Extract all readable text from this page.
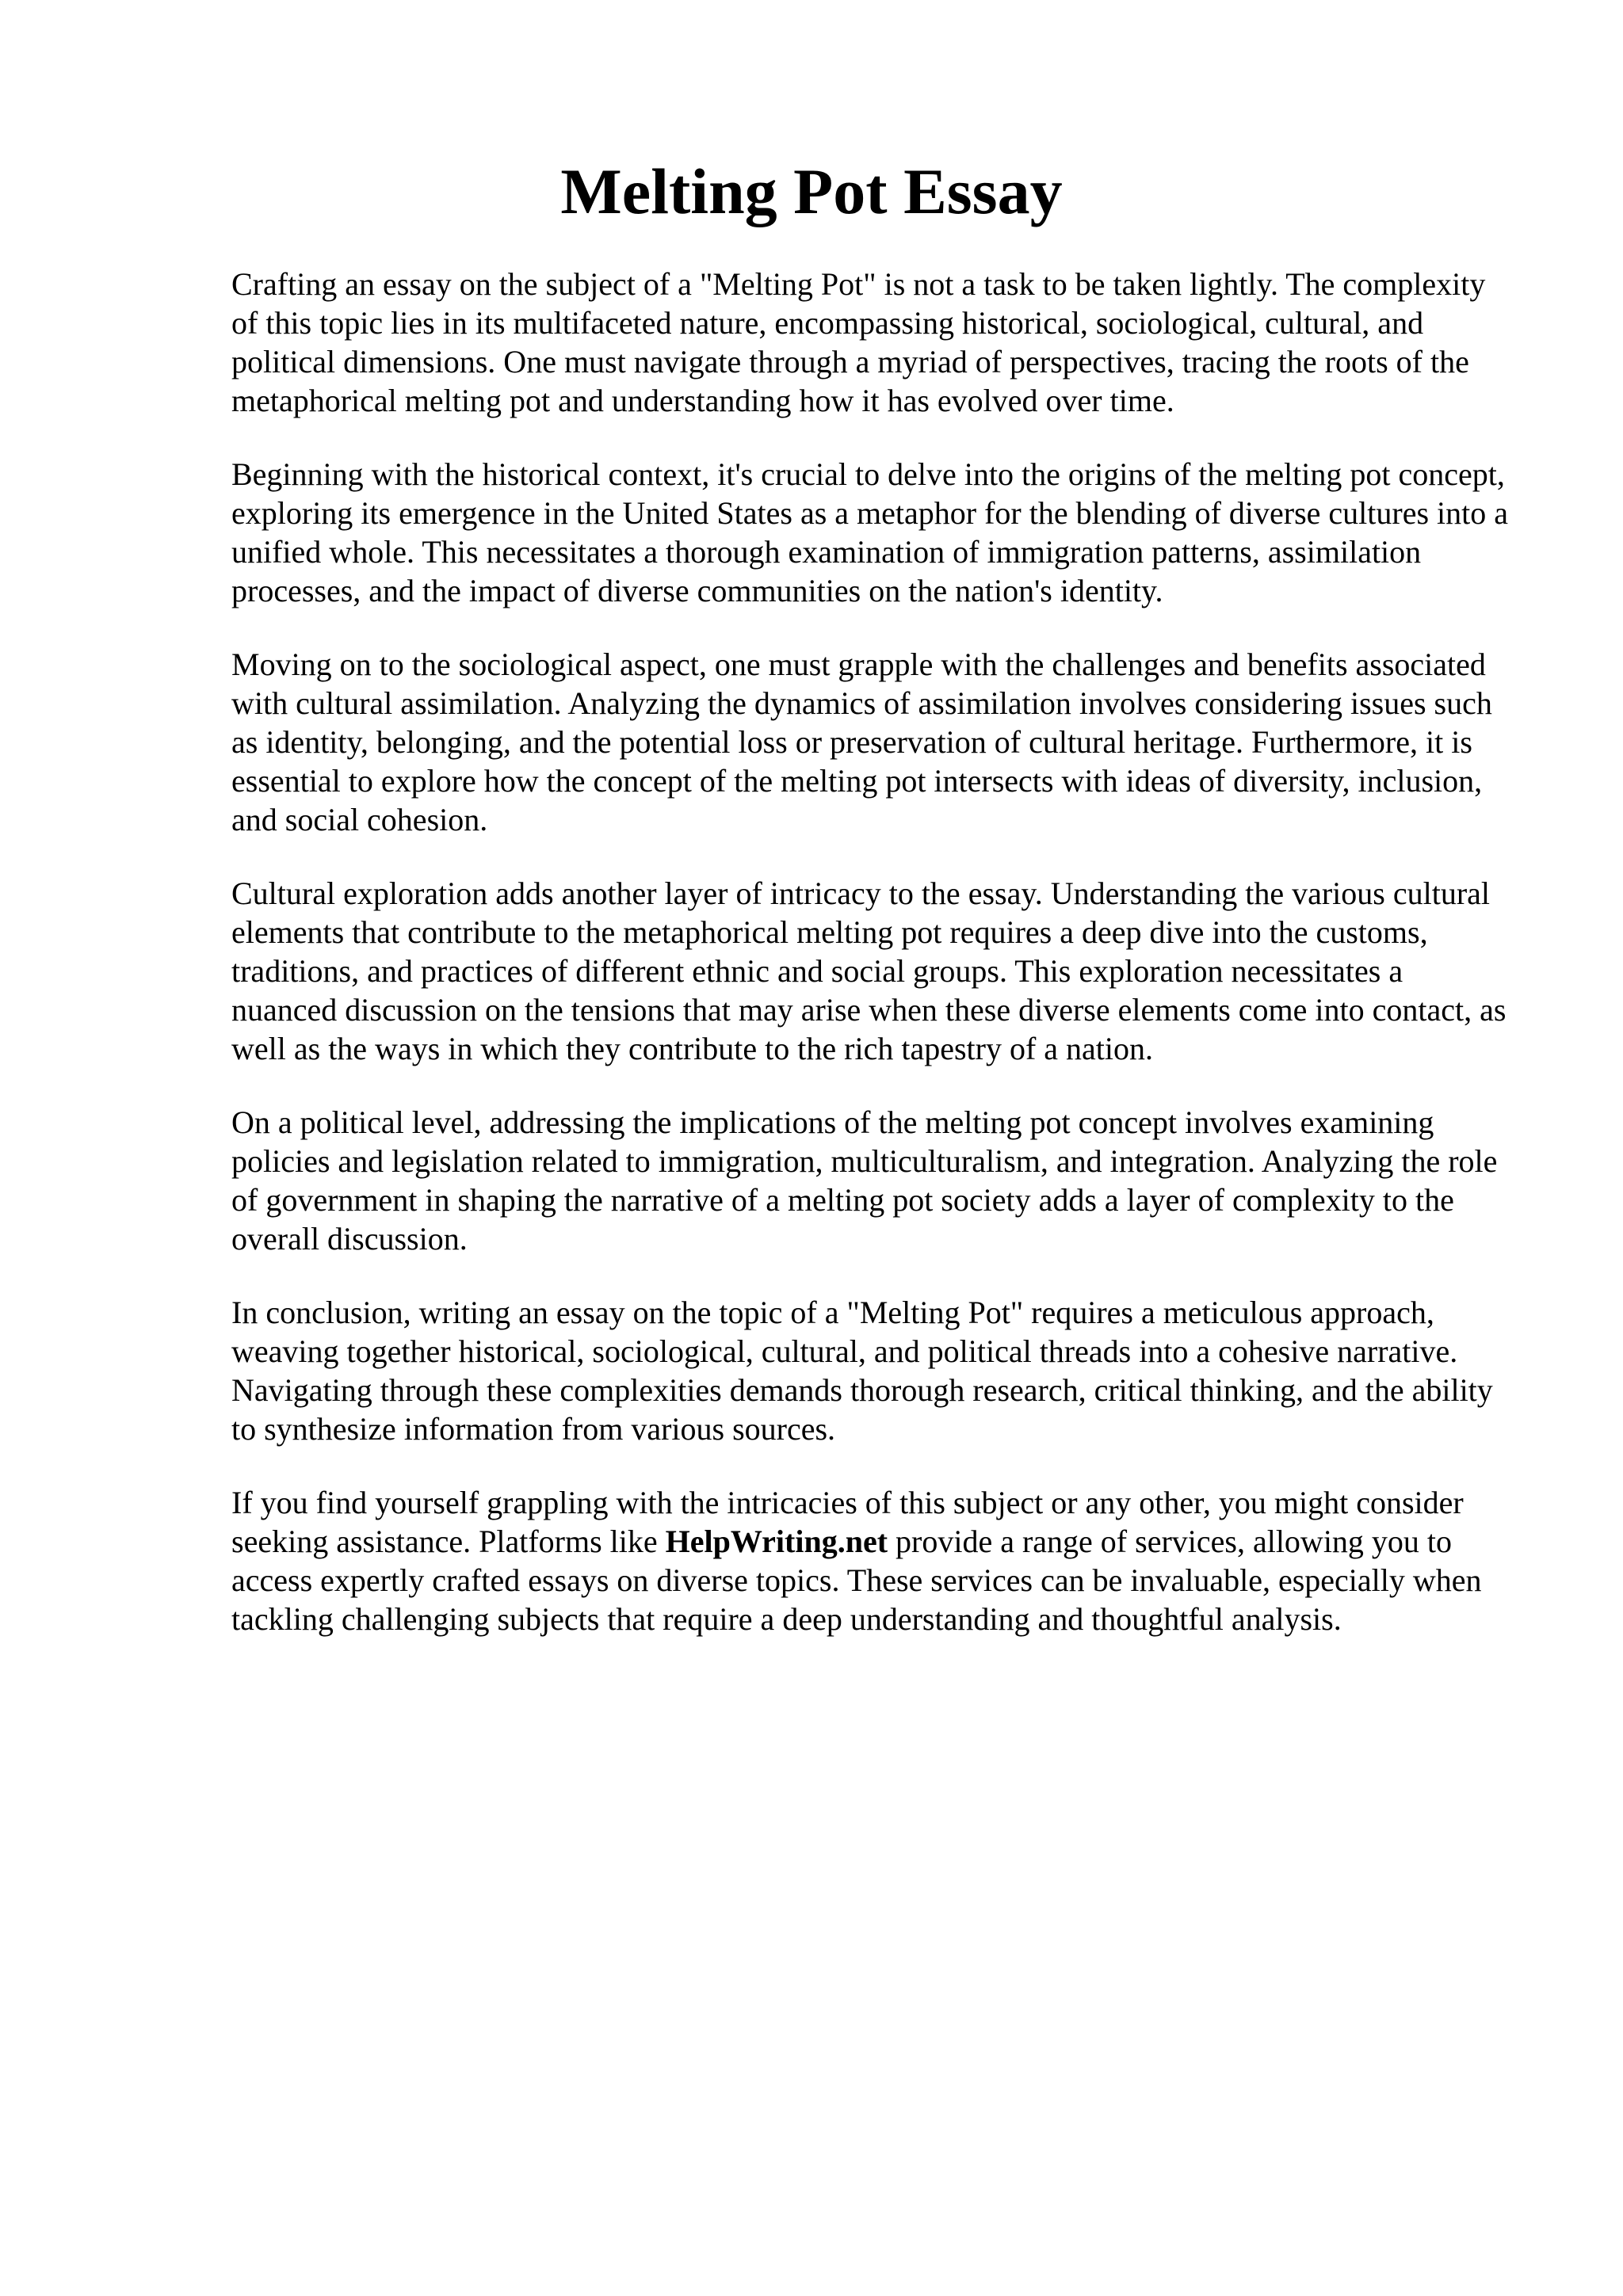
Melting Pot Essay

Crafting an essay on the subject of a "Melting Pot" is not a task to be taken lightly. The complexity of this topic lies in its multifaceted nature, encompassing historical, sociological, cultural, and political dimensions. One must navigate through a myriad of perspectives, tracing the roots of the metaphorical melting pot and understanding how it has evolved over time.

Beginning with the historical context, it's crucial to delve into the origins of the melting pot concept, exploring its emergence in the United States as a metaphor for the blending of diverse cultures into a unified whole. This necessitates a thorough examination of immigration patterns, assimilation processes, and the impact of diverse communities on the nation's identity.

Moving on to the sociological aspect, one must grapple with the challenges and benefits associated with cultural assimilation. Analyzing the dynamics of assimilation involves considering issues such as identity, belonging, and the potential loss or preservation of cultural heritage. Furthermore, it is essential to explore how the concept of the melting pot intersects with ideas of diversity, inclusion, and social cohesion.

Cultural exploration adds another layer of intricacy to the essay. Understanding the various cultural elements that contribute to the metaphorical melting pot requires a deep dive into the customs, traditions, and practices of different ethnic and social groups. This exploration necessitates a nuanced discussion on the tensions that may arise when these diverse elements come into contact, as well as the ways in which they contribute to the rich tapestry of a nation.

On a political level, addressing the implications of the melting pot concept involves examining policies and legislation related to immigration, multiculturalism, and integration. Analyzing the role of government in shaping the narrative of a melting pot society adds a layer of complexity to the overall discussion.

In conclusion, writing an essay on the topic of a "Melting Pot" requires a meticulous approach, weaving together historical, sociological, cultural, and political threads into a cohesive narrative. Navigating through these complexities demands thorough research, critical thinking, and the ability to synthesize information from various sources.

If you find yourself grappling with the intricacies of this subject or any other, you might consider seeking assistance. Platforms like HelpWriting.net provide a range of services, allowing you to access expertly crafted essays on diverse topics. These services can be invaluable, especially when tackling challenging subjects that require a deep understanding and thoughtful analysis.
